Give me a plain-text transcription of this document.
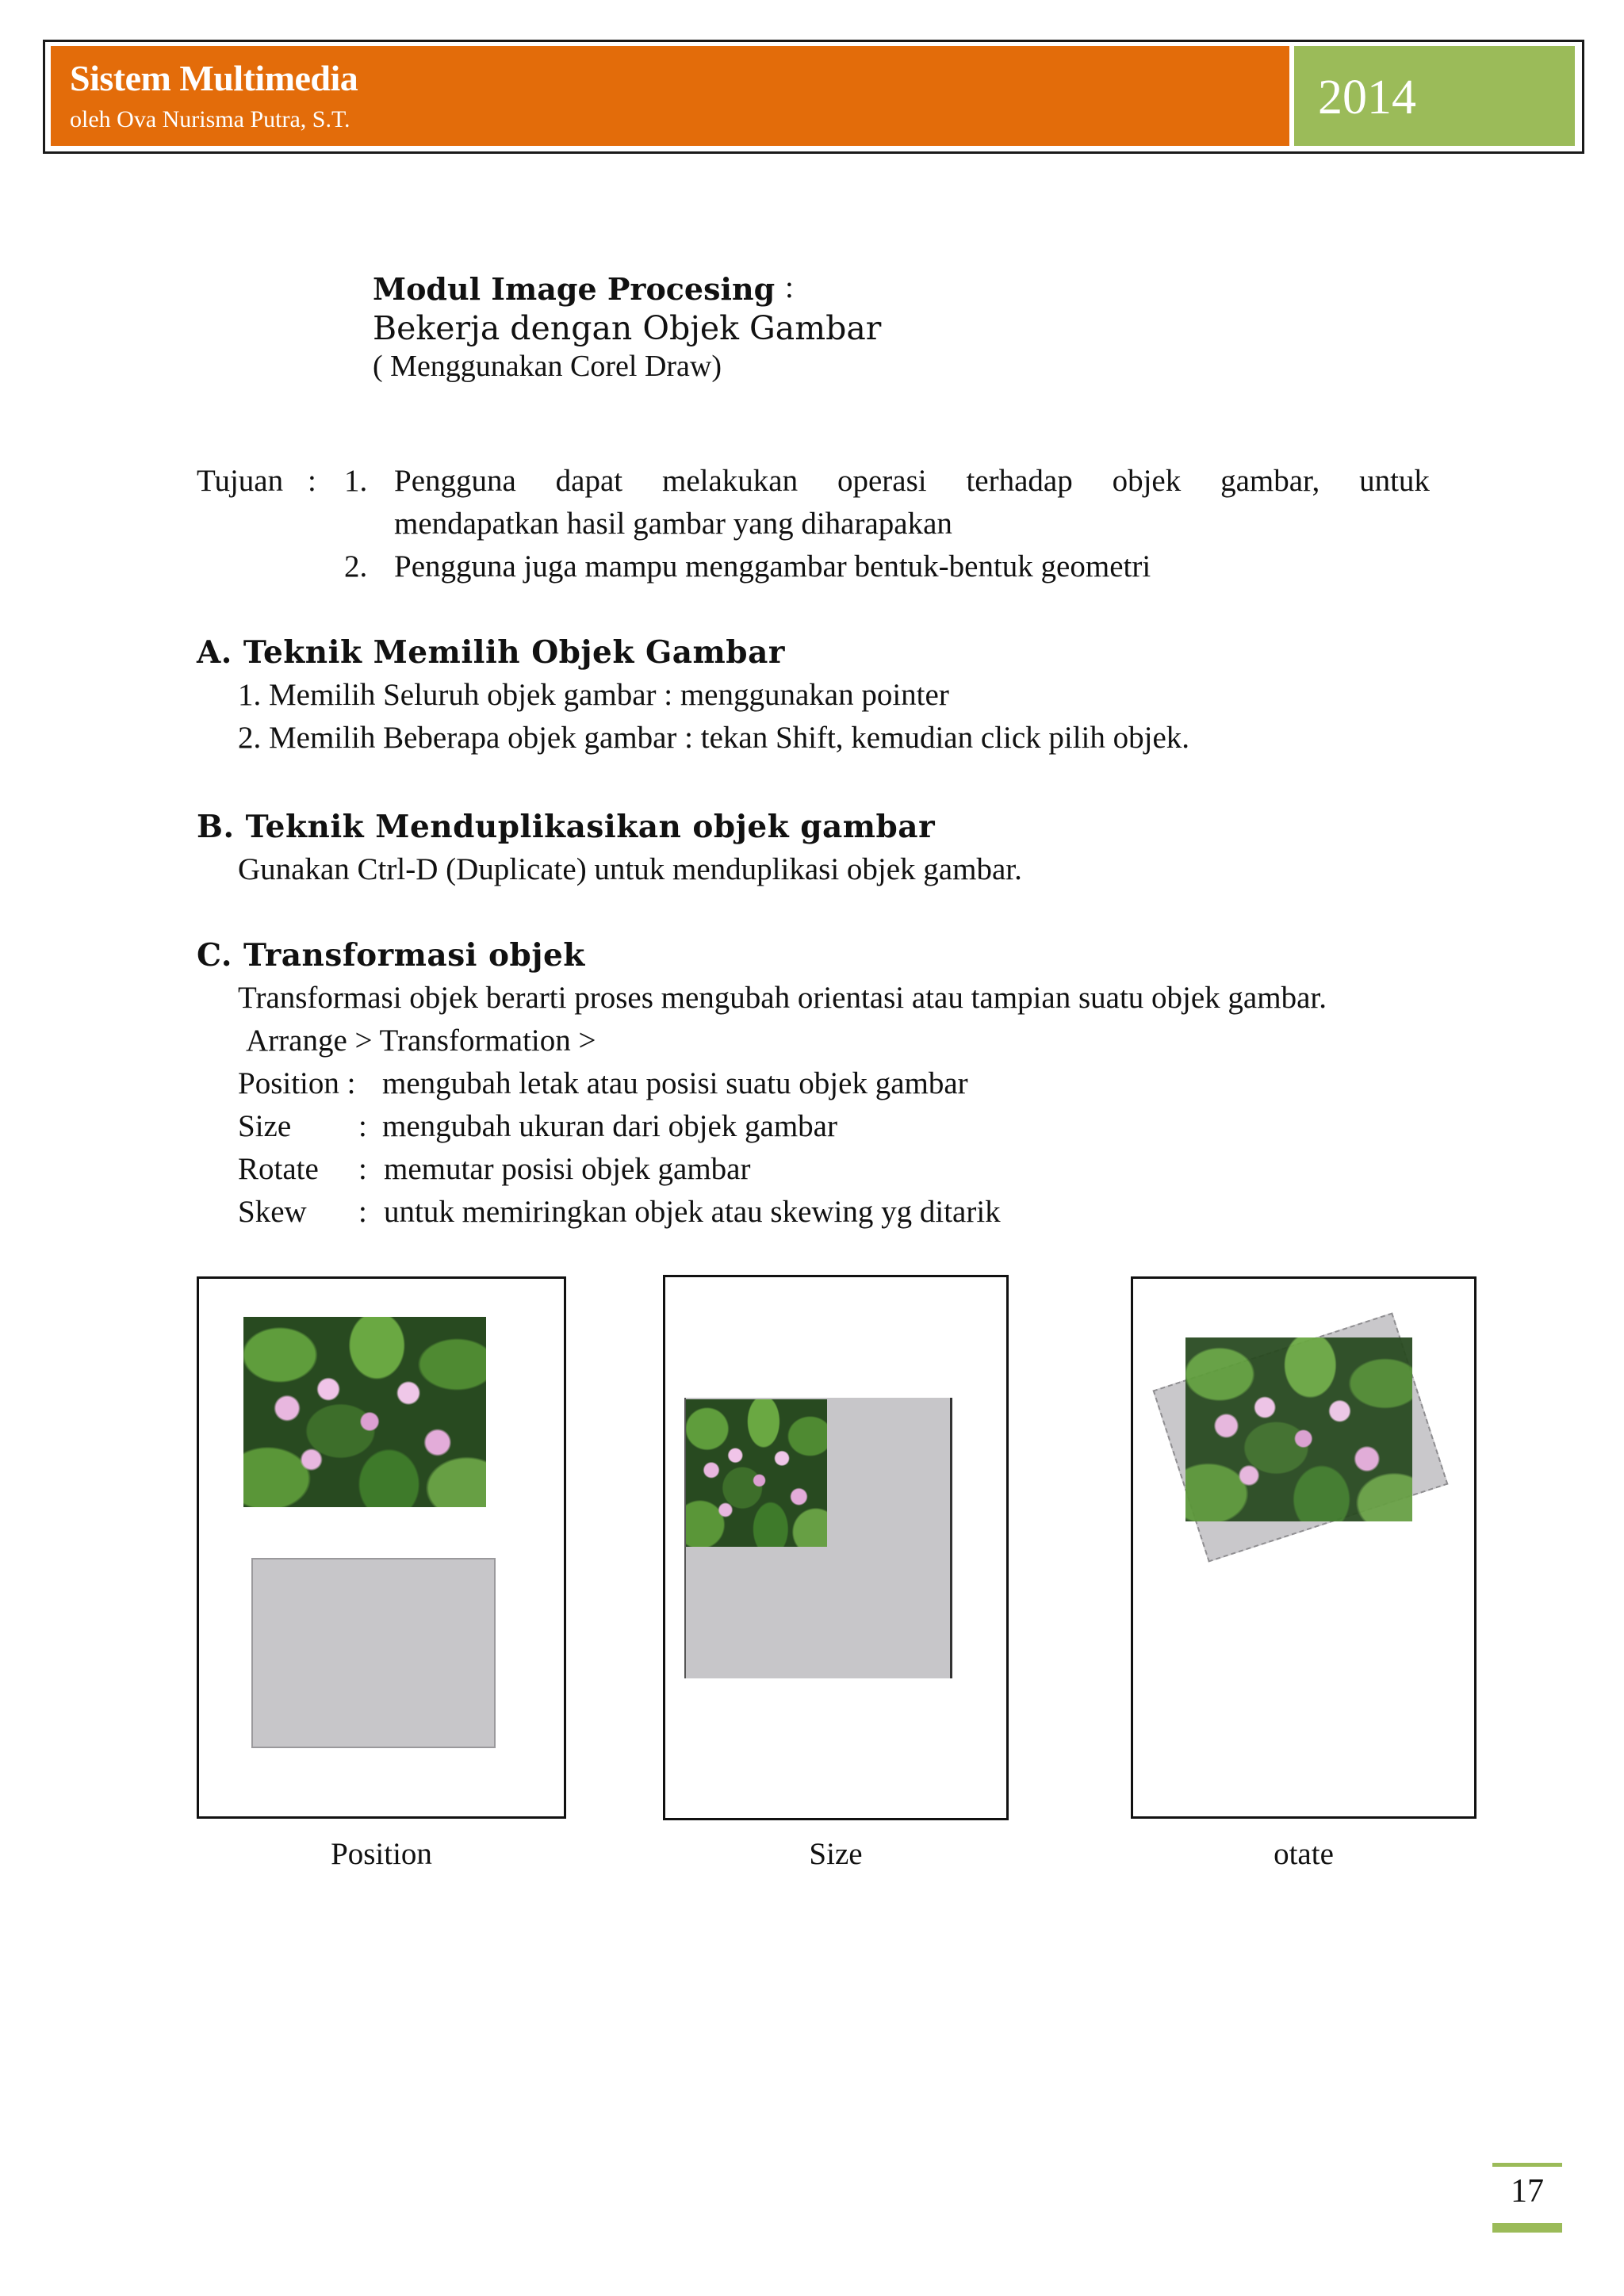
Sistem Multimedia
oleh Ova Nurisma Putra, S.T.	2014
Modul Image Procesing :
Bekerja dengan Objek Gambar
( Menggunakan Corel Draw)
Tujuan : 1. Pengguna dapat melakukan operasi terhadap objek gambar, untuk
mendapatkan hasil gambar yang diharapakan
2. Pengguna juga mampu menggambar bentuk-bentuk geometri
A. Teknik Memilih Objek Gambar
1. Memilih Seluruh objek gambar : menggunakan pointer
2. Memilih Beberapa objek gambar : tekan Shift, kemudian click pilih objek.
B. Teknik Menduplikasikan objek gambar
Gunakan Ctrl-D (Duplicate) untuk menduplikasi objek gambar.
C. Transformasi objek
Transformasi objek berarti proses mengubah orientasi atau tampian suatu objek gambar.
Arrange > Transformation >
Position : mengubah letak atau posisi suatu objek gambar
Size : mengubah ukuran dari objek gambar
Rotate : memutar posisi objek gambar
Skew : untuk memiringkan objek atau skewing yg ditarik
Position	Size	otate
17
